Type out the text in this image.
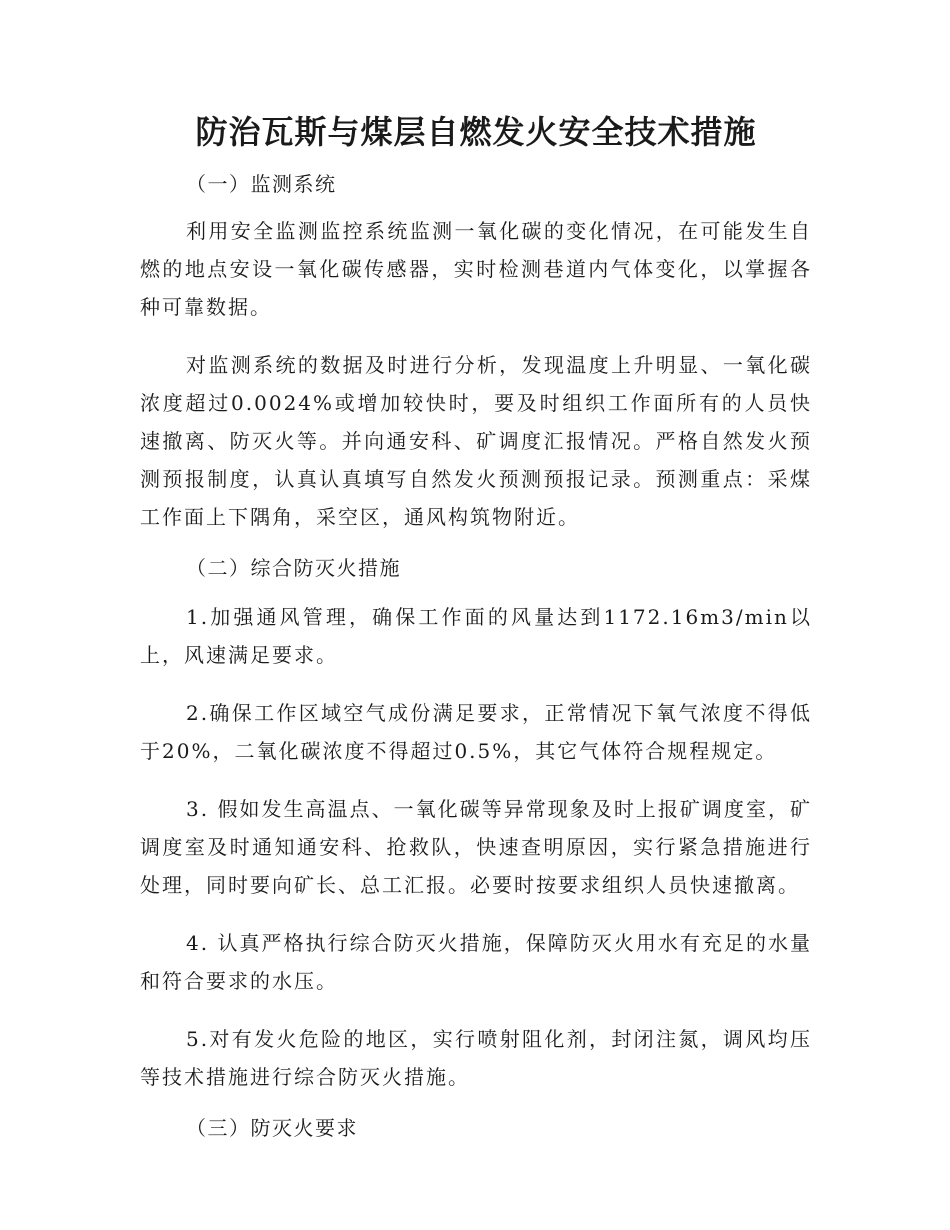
防治瓦斯与煤层自燃发火安全技术措施
（一）监测系统

利用安全监测监控系统监测一氧化碳的变化情况，在可能发生自燃的地点安设一氧化碳传感器，实时检测巷道内气体变化，以掌握各种可靠数据。

对监测系统的数据及时进行分析，发现温度上升明显、一氧化碳浓度超过0.0024%或增加较快时，要及时组织工作面所有的人员快速撤离、防灭火等。并向通安科、矿调度汇报情况。严格自然发火预测预报制度，认真认真填写自然发火预测预报记录。预测重点：采煤工作面上下隅角，采空区，通风构筑物附近。

（二）综合防灭火措施

1.加强通风管理，确保工作面的风量达到1172.16m3/min以上，风速满足要求。

2.确保工作区域空气成份满足要求，正常情况下氧气浓度不得低于20%，二氧化碳浓度不得超过0.5%，其它气体符合规程规定。

3. 假如发生高温点、一氧化碳等异常现象及时上报矿调度室，矿调度室及时通知通安科、抢救队，快速查明原因，实行紧急措施进行处理，同时要向矿长、总工汇报。必要时按要求组织人员快速撤离。

4. 认真严格执行综合防灭火措施，保障防灭火用水有充足的水量和符合要求的水压。

5.对有发火危险的地区，实行喷射阻化剂，封闭注氮，调风均压等技术措施进行综合防灭火措施。

（三）防灭火要求
